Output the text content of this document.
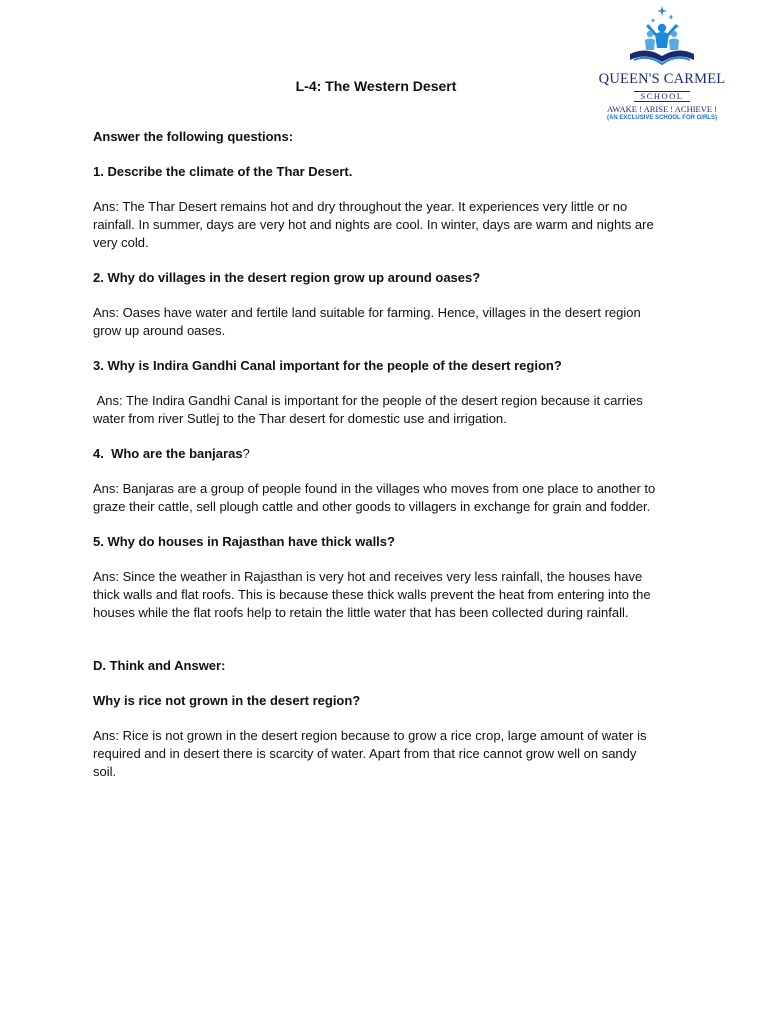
QUEEN'S CARMEL
SCHOOL
AWAKE ! ARISE ! ACHIEVE !
(AN EXCLUSIVE SCHOOL FOR GIRLS)
L-4: The Western Desert

Answer the following questions:

1. Describe the climate of the Thar Desert.

Ans: The Thar Desert remains hot and dry throughout the year. It experiences very little or no rainfall. In summer, days are very hot and nights are cool. In winter, days are warm and nights are very cold.

2. Why do villages in the desert region grow up around oases?

Ans: Oases have water and fertile land suitable for farming. Hence, villages in the desert region grow up around oases.

3. Why is Indira Gandhi Canal important for the people of the desert region?

Ans: The Indira Gandhi Canal is important for the people of the desert region because it carries water from river Sutlej to the Thar desert for domestic use and irrigation.

4.  Who are the banjaras?

Ans: Banjaras are a group of people found in the villages who moves from one place to another to graze their cattle, sell plough cattle and other goods to villagers in exchange for grain and fodder.

5. Why do houses in Rajasthan have thick walls?

Ans: Since the weather in Rajasthan is very hot and receives very less rainfall, the houses have thick walls and flat roofs. This is because these thick walls prevent the heat from entering into the houses while the flat roofs help to retain the little water that has been collected during rainfall.

D. Think and Answer:

Why is rice not grown in the desert region?

Ans: Rice is not grown in the desert region because to grow a rice crop, large amount of water is required and in desert there is scarcity of water. Apart from that rice cannot grow well on sandy soil.
